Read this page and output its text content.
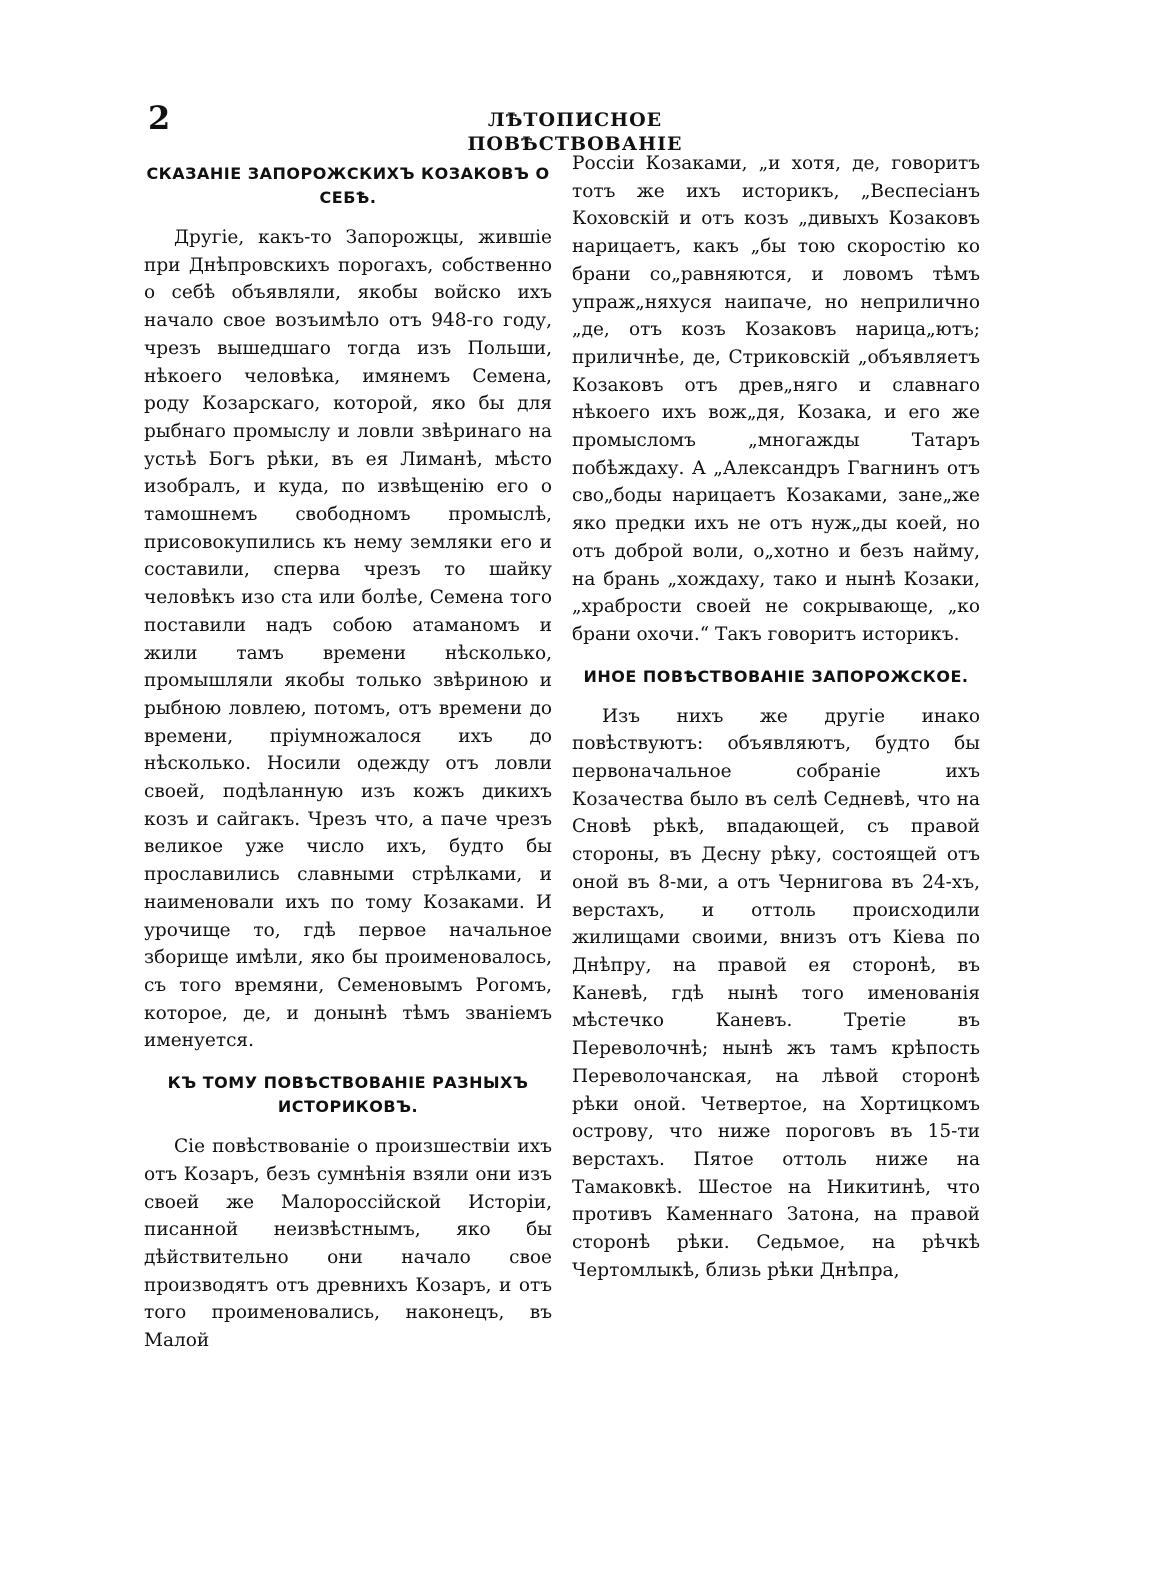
2	ЛѢТОПИСНОЕ ПОВѢСТВОВАНІЕ
СКАЗАНІЕ ЗАПОРОЖСКИХЪ КОЗАКОВЪ О СЕБѢ.

Другіе, какъ-то Запорожцы, жившіе при Днѣпровскихъ порогахъ, собственно о себѣ объявляли, якобы войско ихъ начало свое возъимѣло отъ 948-го году, чрезъ вышедшаго тогда изъ Польши, нѣкоего человѣка, имянемъ Семена, роду Козарскаго, которой, яко бы для рыбнаго промыслу и ловли звѣринаго на устьѣ Богъ рѣки, въ ея Лиманѣ, мѣсто изобралъ, и куда, по извѣщенію его о тамошнемъ свободномъ промыслѣ, присовокупились къ нему земляки его и составили, сперва чрезъ то шайку человѣкъ изо ста или болѣе, Семена того поставили надъ собою атаманомъ и жили тамъ времени нѣсколько, промышляли якобы только звѣриною и рыбною ловлею, потомъ, отъ времени до времени, пріумножалося ихъ до нѣсколько. Носили одежду отъ ловли своей, подѣланную изъ кожъ дикихъ козъ и сайгакъ. Чрезъ что, а паче чрезъ великое уже число ихъ, будто бы прославились славными стрѣлками, и наименовали ихъ по тому Козаками. И урочище то, гдѣ первое начальное зборище имѣли, яко бы проименовалось, съ того времяни, Семеновымъ Рогомъ, которое, де, и донынѣ тѣмъ званіемъ именуется.

КЪ ТОМУ ПОВѢСТВОВАНІЕ РАЗНЫХЪ ИСТОРИКОВЪ.

Сіе повѣствованіе о произшествіи ихъ отъ Козаръ, безъ сумнѣнія взяли они изъ своей же Малороссійской Исторіи, писанной неизвѣстнымъ, яко бы дѣйствительно они начало свое производятъ отъ древнихъ Козаръ, и отъ того проименовались, наконецъ, въ Малой

Россіи Козаками, „и хотя, де, говоритъ тотъ же ихъ историкъ, „Веспесіанъ Коховскій и отъ козъ „дивыхъ Козаковъ нарицаетъ, какъ „бы тою скоростію ко брани со„равняются, и ловомъ тѣмъ упраж„няхуся наипаче, но неприлично „де, отъ козъ Козаковъ нарица„ютъ; приличнѣе, де, Стриковскій „объявляетъ Козаковъ отъ древ„няго и славнаго нѣкоего ихъ вож„дя, Козака, и его же промысломъ „многажды Татаръ побѣждаху. А „Александръ Гвагнинъ отъ сво„боды нарицаетъ Козаками, зане„же яко предки ихъ не отъ нуж„ды коей, но отъ доброй воли, о„хотно и безъ найму, на брань „хождаху, тако и нынѣ Козаки, „храбрости своей не сокрывающе, „ко брани охочи.“ Такъ говоритъ историкъ.

ИНОЕ ПОВѢСТВОВАНІЕ ЗАПОРОЖСКОЕ.

Изъ нихъ же другіе инако повѣствуютъ: объявляютъ, будто бы первоначальное собраніе ихъ Козачества было въ селѣ Седневѣ, что на Сновѣ рѣкѣ, впадающей, съ правой стороны, въ Десну рѣку, состоящей отъ оной въ 8-ми, а отъ Чернигова въ 24-хъ, верстахъ, и оттоль происходили жилищами своими, внизъ отъ Кіева по Днѣпру, на правой ея сторонѣ, въ Каневѣ, гдѣ нынѣ того именованія мѣстечко Каневъ. Третіе въ Переволочнѣ; нынѣ жъ тамъ крѣпость Переволочанская, на лѣвой сторонѣ рѣки оной. Четвертое, на Хортицкомъ острову, что ниже пороговъ въ 15-ти верстахъ. Пятое оттоль ниже на Тамаковкѣ. Шестое на Никитинѣ, что противъ Каменнаго Затона, на правой сторонѣ рѣки. Седьмое, на рѣчкѣ Чертомлыкѣ, близь рѣки Днѣпра,
